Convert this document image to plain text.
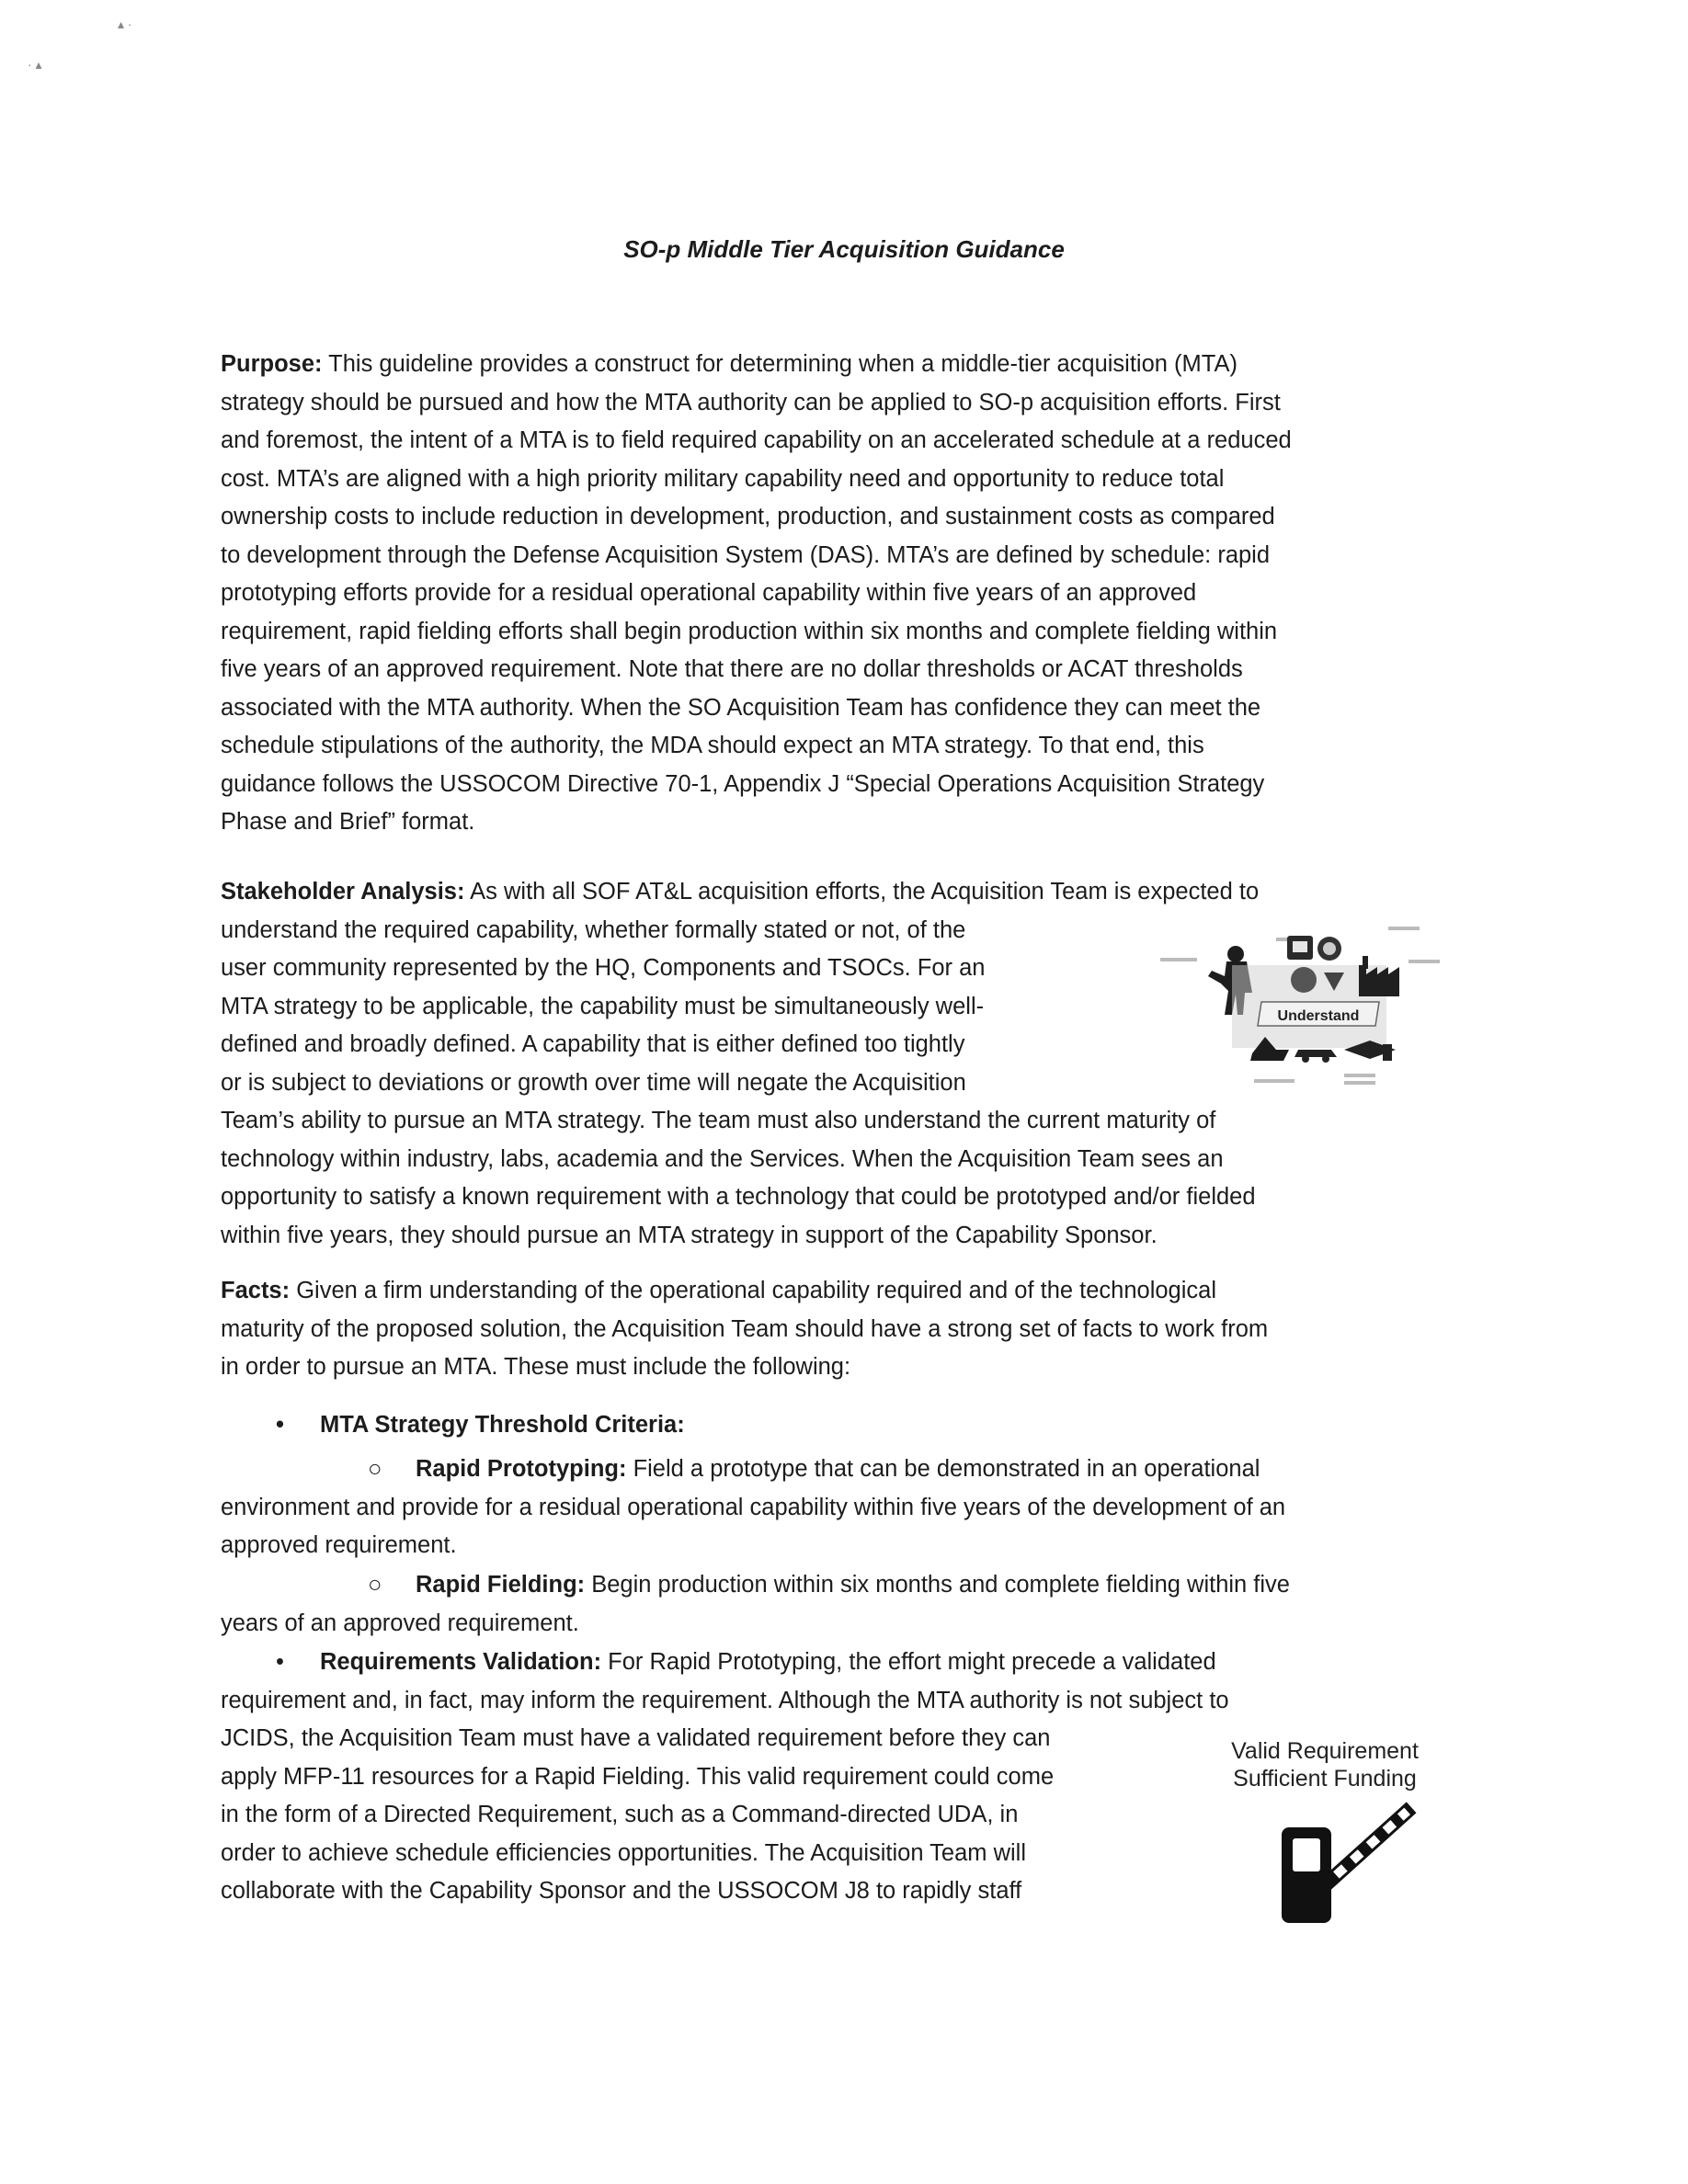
▴ ·
· ▴
SO-p Middle Tier Acquisition Guidance

Purpose: This guideline provides a construct for determining when a middle-tier acquisition (MTA)

strategy should be pursued and how the MTA authority can be applied to SO-p acquisition efforts. First

and foremost, the intent of a MTA is to field required capability on an accelerated schedule at a reduced

cost. MTA’s are aligned with a high priority military capability need and opportunity to reduce total

ownership costs to include reduction in development, production, and sustainment costs as compared

to development through the Defense Acquisition System (DAS). MTA’s are defined by schedule: rapid

prototyping efforts provide for a residual operational capability within five years of an approved

requirement, rapid fielding efforts shall begin production within six months and complete fielding within

five years of an approved requirement. Note that there are no dollar thresholds or ACAT thresholds

associated with the MTA authority. When the SO Acquisition Team has confidence they can meet the

schedule stipulations of the authority, the MDA should expect an MTA strategy. To that end, this

guidance follows the USSOCOM Directive 70-1, Appendix J “Special Operations Acquisition Strategy

Phase and Brief” format.

Stakeholder Analysis: As with all SOF AT&L acquisition efforts, the Acquisition Team is expected to

understand the required capability, whether formally stated or not, of the

user community represented by the HQ, Components and TSOCs. For an

MTA strategy to be applicable, the capability must be simultaneously well-

defined and broadly defined. A capability that is either defined too tightly

or is subject to deviations or growth over time will negate the Acquisition

Team’s ability to pursue an MTA strategy. The team must also understand the current maturity of

technology within industry, labs, academia and the Services. When the Acquisition Team sees an

opportunity to satisfy a known requirement with a technology that could be prototyped and/or fielded

within five years, they should pursue an MTA strategy in support of the Capability Sponsor.

Understand

Facts: Given a firm understanding of the operational capability required and of the technological

maturity of the proposed solution, the Acquisition Team should have a strong set of facts to work from

in order to pursue an MTA. These must include the following:

• MTA Strategy Threshold Criteria:
○ Rapid Prototyping: Field a prototype that can be demonstrated in an operational
environment and provide for a residual operational capability within five years of the development of an
approved requirement.
○ Rapid Fielding: Begin production within six months and complete fielding within five
years of an approved requirement.
• Requirements Validation: For Rapid Prototyping, the effort might precede a validated
requirement and, in fact, may inform the requirement. Although the MTA authority is not subject to
JCIDS, the Acquisition Team must have a validated requirement before they can
apply MFP-11 resources for a Rapid Fielding. This valid requirement could come
in the form of a Directed Requirement, such as a Command-directed UDA, in
order to achieve schedule efficiencies opportunities. The Acquisition Team will
collaborate with the Capability Sponsor and the USSOCOM J8 to rapidly staff
Valid Requirement
Sufficient Funding
